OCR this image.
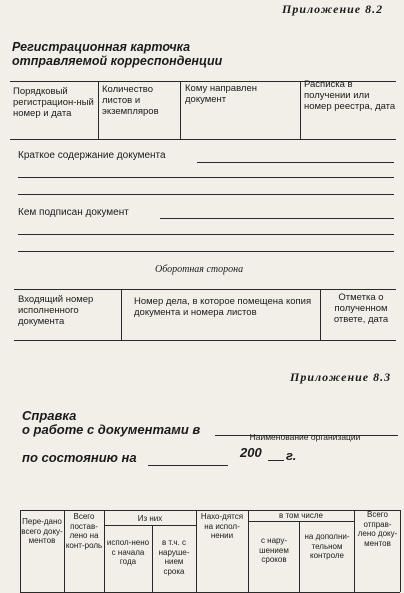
Приложение 8.2
Регистрационная карточка
отправляемой корреспонденции
Порядковый регистрацион-ный номер и дата
Количество листов и экземпляров
Кому направлен документ
Расписка в получении или номер реестра, дата
Краткое содержание документа
Кем подписан документ
Оборотная сторона
Входящий номер исполненного документа
Номер дела, в которое помещена копия документа и номера листов
Отметка о полученном ответе, дата
Приложение 8.3
Справка
о работе с документами в	Наименование организации
по состоянию на	200 г.
Пере-дано всего доку-ментов
Всего постав-лено на конт-роль
Из них
испол-нено с начала года
в т.ч. с наруше-нием срока
Нахо-дятся на испол-нении
в том числе
с нару-шением сроков
на дополни-тельном контроле
Всего отправ-лено доку-ментов
